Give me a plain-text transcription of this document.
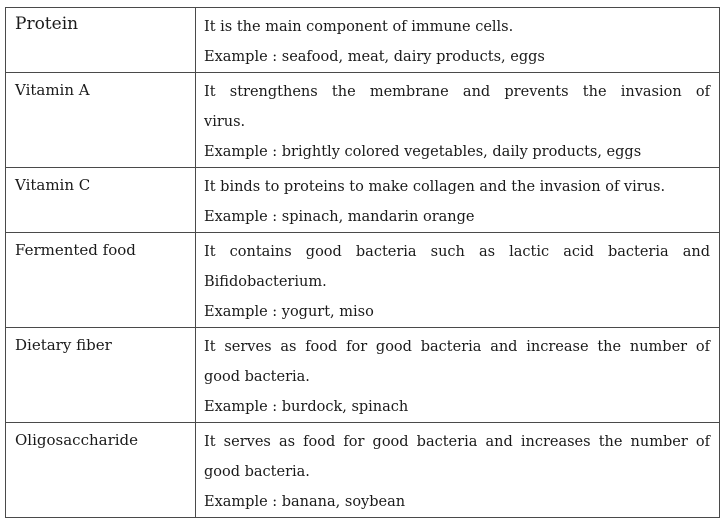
Protein	It is the main component of immune cells.
Example : seafood, meat, dairy products, eggs

Vitamin A	It strengthens the membrane and prevents the invasion of
virus.
Example : brightly colored vegetables, daily products, eggs

Vitamin C	It binds to proteins to make collagen and the invasion of virus.
Example : spinach, mandarin orange

Fermented food	It contains good bacteria such as lactic acid bacteria and
Bifidobacterium.
Example : yogurt, miso

Dietary fiber	It serves as food for good bacteria and increase the number of
good bacteria.
Example : burdock, spinach

Oligosaccharide	It serves as food for good bacteria and increases the number of
good bacteria.
Example : banana, soybean
